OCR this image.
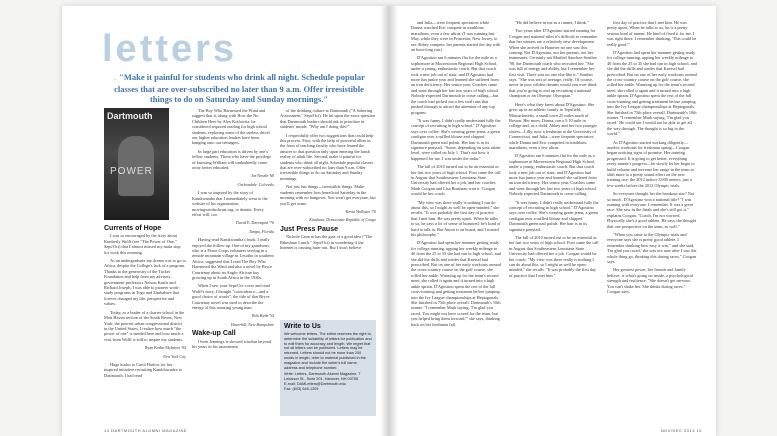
letters
— "Make it painful for students who drink all night. Schedule popular classes that are over-subscribed no later than 9 a.m. Offer irresistible things to do on Saturday and Sunday mornings."
Dartmouth
POWER
Currents of Hope

I was so encouraged by the story about Kimberly Wolff (see "The Power of One," Sept/Oct) that I almost missed my main stop for work this morning.

As an undergraduate my dream was to go to Africa, despite the College's lack of a program. Thanks to the generosity of the Tucker Foundation and help from my advisers, government professors Nelson Kasfir and Richard Joseph, I was able to pioneer work-study programs in Togo and Zimbabwe that forever changed my life, perspective and values.

Today, as a leader of a charter school in the Mott Haven section of the South Bronx, New York, the poorest urban congressional district in the United States, I realize how much "the power of one" is needed here and how much a visit from Wolff is still to inspire my students.

Ryan Kerlin McIntyre '94
New York City

Huge kudos to Carol Harlow for her inspired initiative recruiting Kamblawadza to Dartmouth. I had read

The Boy Who Harnessed the Wind and suggest that it, along with How the No Children Here by Alex Kotlowitz, be considered required reading for high school students, replacing some of the useless drivel our higher education leaders have been banging onto our teenagers.

In large part education is driven by one's fellow students. Those who have the privilege of knowing William will undoubtedly come away better educated.

Joe Nesele '68
Carbondale, Colorado

I was so inspired by the story of Kamkwamba that I immediately went to the website of his organization, movingwindsoftrust.org, to donate. Every effort will, too.

David E. Davenport '76
Tampa, Florida

Having read Kamkwamba's book, I really enjoyed the follow-up. One of my grandsons, who is a Peace Corps volunteer serving in a remote mountain village in Lesotho in southern Africa, suggested that I read The Boy Who Harnessed the Wind and also a novel by Bryce Courtenay about an Anglo-African boy growing up in South Africa in the 1930s.

When I saw your Sept/Oct cover and read Wolff's story, I thought "coincidence—and a good choice of words", the title of that Bryce Courtenay novel was used to describe the energy of this amazing young man.

Bob Hyde '54
Haverhill, New Hampshire
Wake-up Call

Owen Jennings is showed wisdom beyond his years in his assessment

of the drinking culture at Dartmouth ("A Sobering Assessment," Sept/Oct). He hit upon the exact question that Dartmouth leaders should ask to prioritize in students' minds: "Why am I doing this?"

I respectfully offer two suggestions that could help this process. First, with the help of powerful allies in the form of teaching faculty who have leaned the answer to that question only upon entering the harsh reality of adult life. Second, make it painful for students who drink all night. Schedule popular classes that are over-subscribed no later than 9 a.m. Offer irresistible things to do on Saturday and Sunday mornings.

Not just fun things—irresistible things. Make students remember how beneficial Saturday in the morning with no hangover. You won't get everyone, but you'll get some.

Kevin Hollister '70
Kinshasa, Democratic Republic of Congo
Just Press Pause

Nichole Cann to has the guts of a good idea ("The Bikeshare Lunch," Sept/Oct) in wondering if the Internet is causing burn-out. But I don't believe

Write to Us
We welcome letters. The editor reserves the right to determine the suitability of letters for publication and to edit them for accuracy and length. We regret that not all letters can be published. Letters may be returned. Letters should not be more than 200 words in length, refer to material published in the magazine and include the writer's full name, address and telephone number.
Write: Letters, Dartmouth Alumni Magazine, 7 Lebanon St., Suite 201, Hanover, NH 03755
E-mail: DAMLetters@Dartmouth.edu
Fax: (603) 646-1209
14 DARTMOUTH ALUMNI MAGAZINE

and Julia—were frequent spectators while Donna watched Eric compete in triathlons, marathons, even a few ultras. (I was running last May, while they were in Princeton, New Jersey, to see Abbey compete, her parents started the day with an hour-long run.)

D'Agostino ran 6 minutes flat for the mile as a sophomore at Moorestown Regional High School, under a young, enthusiastic coach. But that coach took a new job out of state, and D'Agostino had more fun junior year and learned she suffered from an iron deficiency. Her senior year, Coaches came and went through her last two years of high school. Nobody expected Dartmouth to come calling—but the coach had picked out a few trial runs that pushed through to attract the attention of any top program.

"It was funny. I didn't really understand fully the concept of recruiting in high school," D'Agostino says over coffee. She's wearing green jeans, a green cardigan over a ruffled blouse and chipped Dartmouth green nail polish. Her hair is in its signature ponytail. "Some, depending on your talent level, were called on July 1. That's not how it happened for me. I was under the radar."

The fall of 2010 turned out to be an essential as her last two years of high school. First came the call in August that Southeastern Louisiana State University had offered her a job, and her coaches Mark Coogan and Lisa Brasheau won it. Coogan would be her coach.

"My view was there really is nothing I can do about this, so I might as well be open-minded," she recalls. "It was probably the first day of practice that I met him. He was pretty upset. When he talks to us, he says a lot of sense of humored, he's kind of hard to talk to. But Anton is on board, and I trusted his philosophy."

D'Agostino had spent her summer getting ready for college running, upping her weekly mileage to 40 from the 25 to 35 she had run in high school, and she did the drills and strides that Kneisel had prescribed. But on one of her early workouts around the cross-country course on the golf course, she rolled her ankle. Warming up for the team's second meet, she rolled it again and it turned into a high ankle sprain. D'Agostino spent the rest of the fall cross-training and getting treatment before jumping into the Ivy League championships at Heptagonals. She finished in 75th place overall. Dartmouth's 10th runner. "I remember Mark saying, 'I'm glad you raced. You might not have scored for the team, but you helped bring them forward,'" she says, thinking back on her freshman fall.

"He did believe in me as a runner, I think."

Two years after D'Agostino started running for Coogan and national titles it's difficult to remember that her winters are a relatively new development. When she arrived in Hanover no one saw this coming. Not D'Agostino, not her parents, not her teammates. Certainly not Maribel Sanchez-Souther '98, the Dartmouth coach who recruited her. "She was full of energy and ability, but I remember her first visit. There was no one else like it," Souther says. "She was sort of average, really. Of course, never in your wildest dreams would you ever think that you're going to end up recruiting a national champion or an Olympic Olympian."

Here's what they knew about D'Agostino: She grew up in an athletic family in Topsfield, Massachusetts, a small town 25 miles north of Boston. Her mom, Donna, ran a 5:10 mile in college and, as a child, Abbey and her two younger sisters—Lilly, now a freshman at the University of Connecticut, and Julia—were frequent spectators while Donna and Eric competed in triathlons, marathons, even a few ultras.

D'Agostino ran 6 minutes flat for the mile as a sophomore at Moorestown Regional High School, under a young, enthusiastic coach. But that coach took a new job out of state, and D'Agostino had more fun junior year and learned she suffered from an iron deficiency. Her senior year, Coaches came and went through her last two years of high school. Nobody expected Dartmouth to come calling.

"It was funny. I didn't really understand fully the concept of recruiting in high school," D'Agostino says over coffee. She's wearing green jeans, a green cardigan over a ruffled blouse and chipped Dartmouth green nail polish. Her hair is in its signature ponytail.

The fall of 2010 turned out to be an essential as her last two years of high school. First came the call in August that Southeastern Louisiana State University had offered her a job. Coogan would be her coach. "My view was there really is nothing I can do about this, so I might as well be open-minded," she recalls. "It was probably the first day of practice that I met him."

first day of practice that I met him. He was pretty upset. When he talks to us, he is a pretty serious kind of runner. He kind of fixed it for me. I was right there. I remember thinking, 'This could be really good.'"

D'Agostino had spent her summer getting ready for college running, upping her weekly mileage to 40 from the 25 to 35 she had run in high school, and she did the drills and strides that Kneisel had prescribed. But on one of her early workouts around the cross-country course on the golf course, she rolled her ankle. Warming up for the team's second meet, she rolled it again and it turned into a high ankle sprain. D'Agostino spent the rest of the fall cross-training and getting treatment before jumping into the Ivy League championships at Heptagonals. She finished in 75th place overall. Dartmouth's 10th runner. "I remember Mark saying, 'I'm glad you raced.' He could see I would not be able to get all the way through. The thought is so big in the world."

As D'Agostino started working diligently—aerobic workouts for freshman spring—Coogan began noticing signs of promise. Her training progressed. It is going to get better, everything every runner's progress—he slowly let her begin to build volume and increase her range in the team to shift more to a pretty sound effort on the new training rise: the 2012 indoor 3,000 meters, just a few weeks before the 2012 Olympic trials.

So everyone thought her the breakout star? Not so much. D'Agostino won a national title? "I was running with everyone. I remember. It was a great race. She saw in the finals and she's still got it," explains Coogan. "Coach, I'm not worried. Physically she's a good athlete. He says she thought that one perspective on the team, as well."

"When you came to the Olympic trials and everyone says she is pretty good athlete, I remember thinking how easy it was," and she said, 'I'm glad you raced,' she was not sure after I saw the whole thing go, thinking this during races," Coogan says.

Her greatest power, her friends and family believe, is what's going on inside, a psychological strength and resilience. "She doesn't get nervous. You can't shake her. She thinks during races," Coogan says.

NOV/DEC 2013 15
